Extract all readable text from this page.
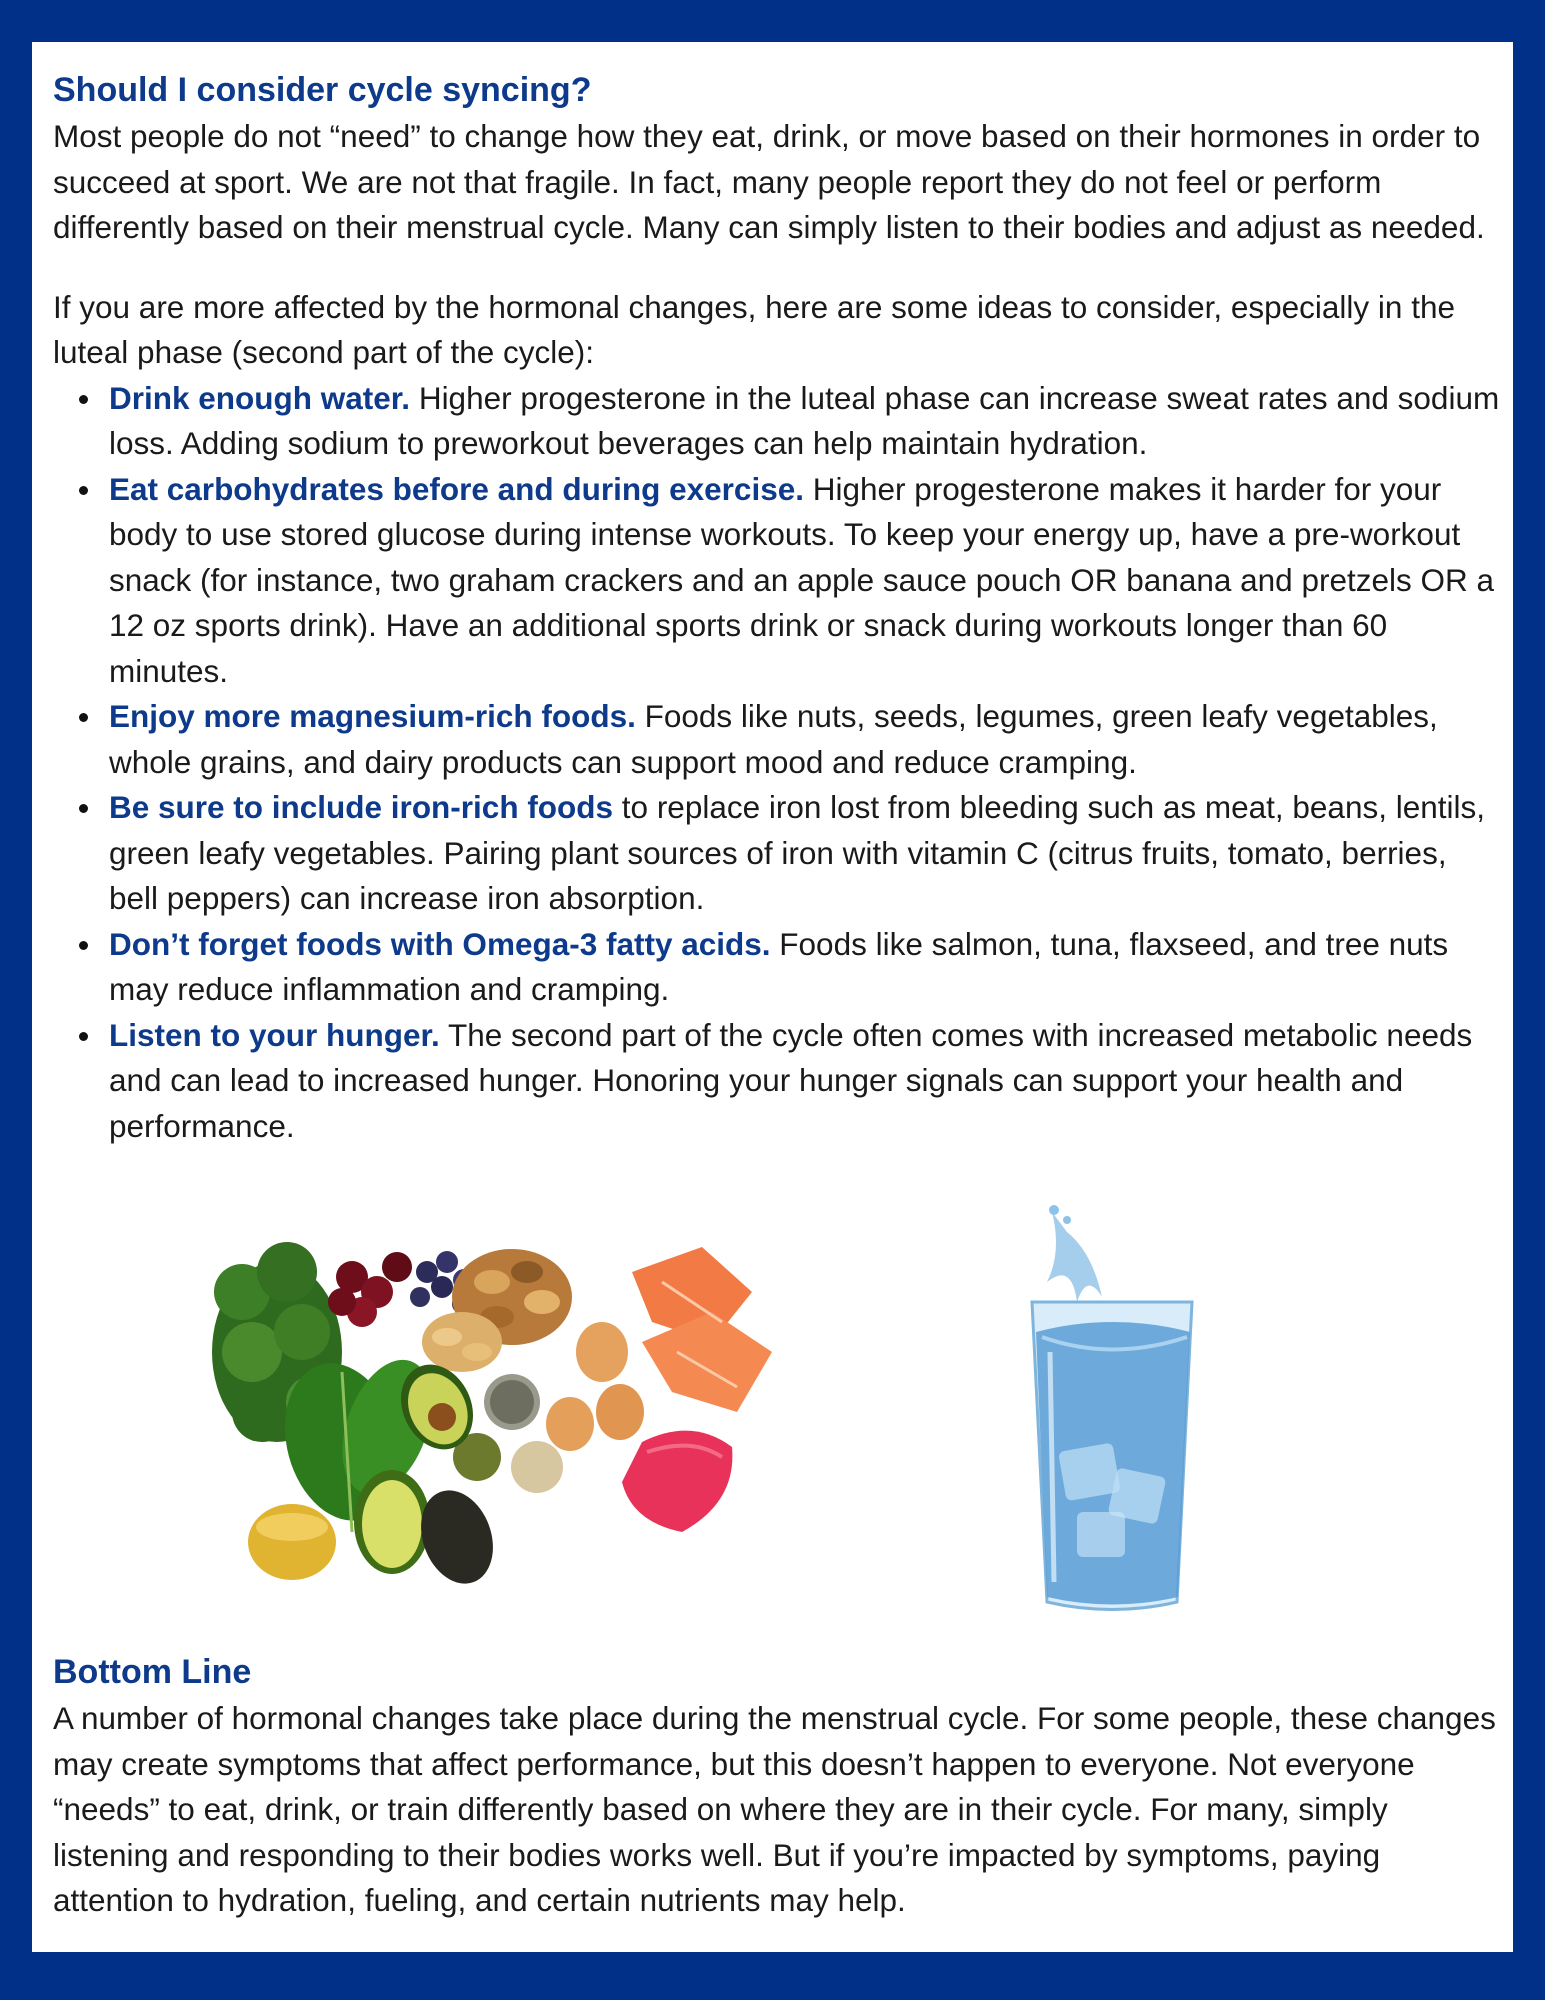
Should I consider cycle syncing?

Most people do not “need” to change how they eat, drink, or move based on their hormones in order to succeed at sport. We are not that fragile. In fact, many people report they do not feel or perform differently based on their menstrual cycle. Many can simply listen to their bodies and adjust as needed.

If you are more affected by the hormonal changes, here are some ideas to consider, especially in the luteal phase (second part of the cycle):

Drink enough water. Higher progesterone in the luteal phase can increase sweat rates and sodium loss. Adding sodium to preworkout beverages can help maintain hydration.
Eat carbohydrates before and during exercise. Higher progesterone makes it harder for your body to use stored glucose during intense workouts. To keep your energy up, have a pre-workout snack (for instance, two graham crackers and an apple sauce pouch OR banana and pretzels OR a 12 oz sports drink). Have an additional sports drink or snack during workouts longer than 60 minutes.
Enjoy more magnesium-rich foods. Foods like nuts, seeds, legumes, green leafy vegetables, whole grains, and dairy products can support mood and reduce cramping.
Be sure to include iron-rich foods to replace iron lost from bleeding such as meat, beans, lentils, green leafy vegetables. Pairing plant sources of iron with vitamin C (citrus fruits, tomato, berries, bell peppers) can increase iron absorption.
Don’t forget foods with Omega-3 fatty acids. Foods like salmon, tuna, flaxseed, and tree nuts may reduce inflammation and cramping.
Listen to your hunger. The second part of the cycle often comes with increased metabolic needs and can lead to increased hunger. Honoring your hunger signals can support your health and performance.
Bottom Line

A number of hormonal changes take place during the menstrual cycle. For some people, these changes may create symptoms that affect performance, but this doesn’t happen to everyone. Not everyone “needs” to eat, drink, or train differently based on where they are in their cycle. For many, simply listening and responding to their bodies works well. But if you’re impacted by symptoms, paying attention to hydration, fueling, and certain nutrients may help.
